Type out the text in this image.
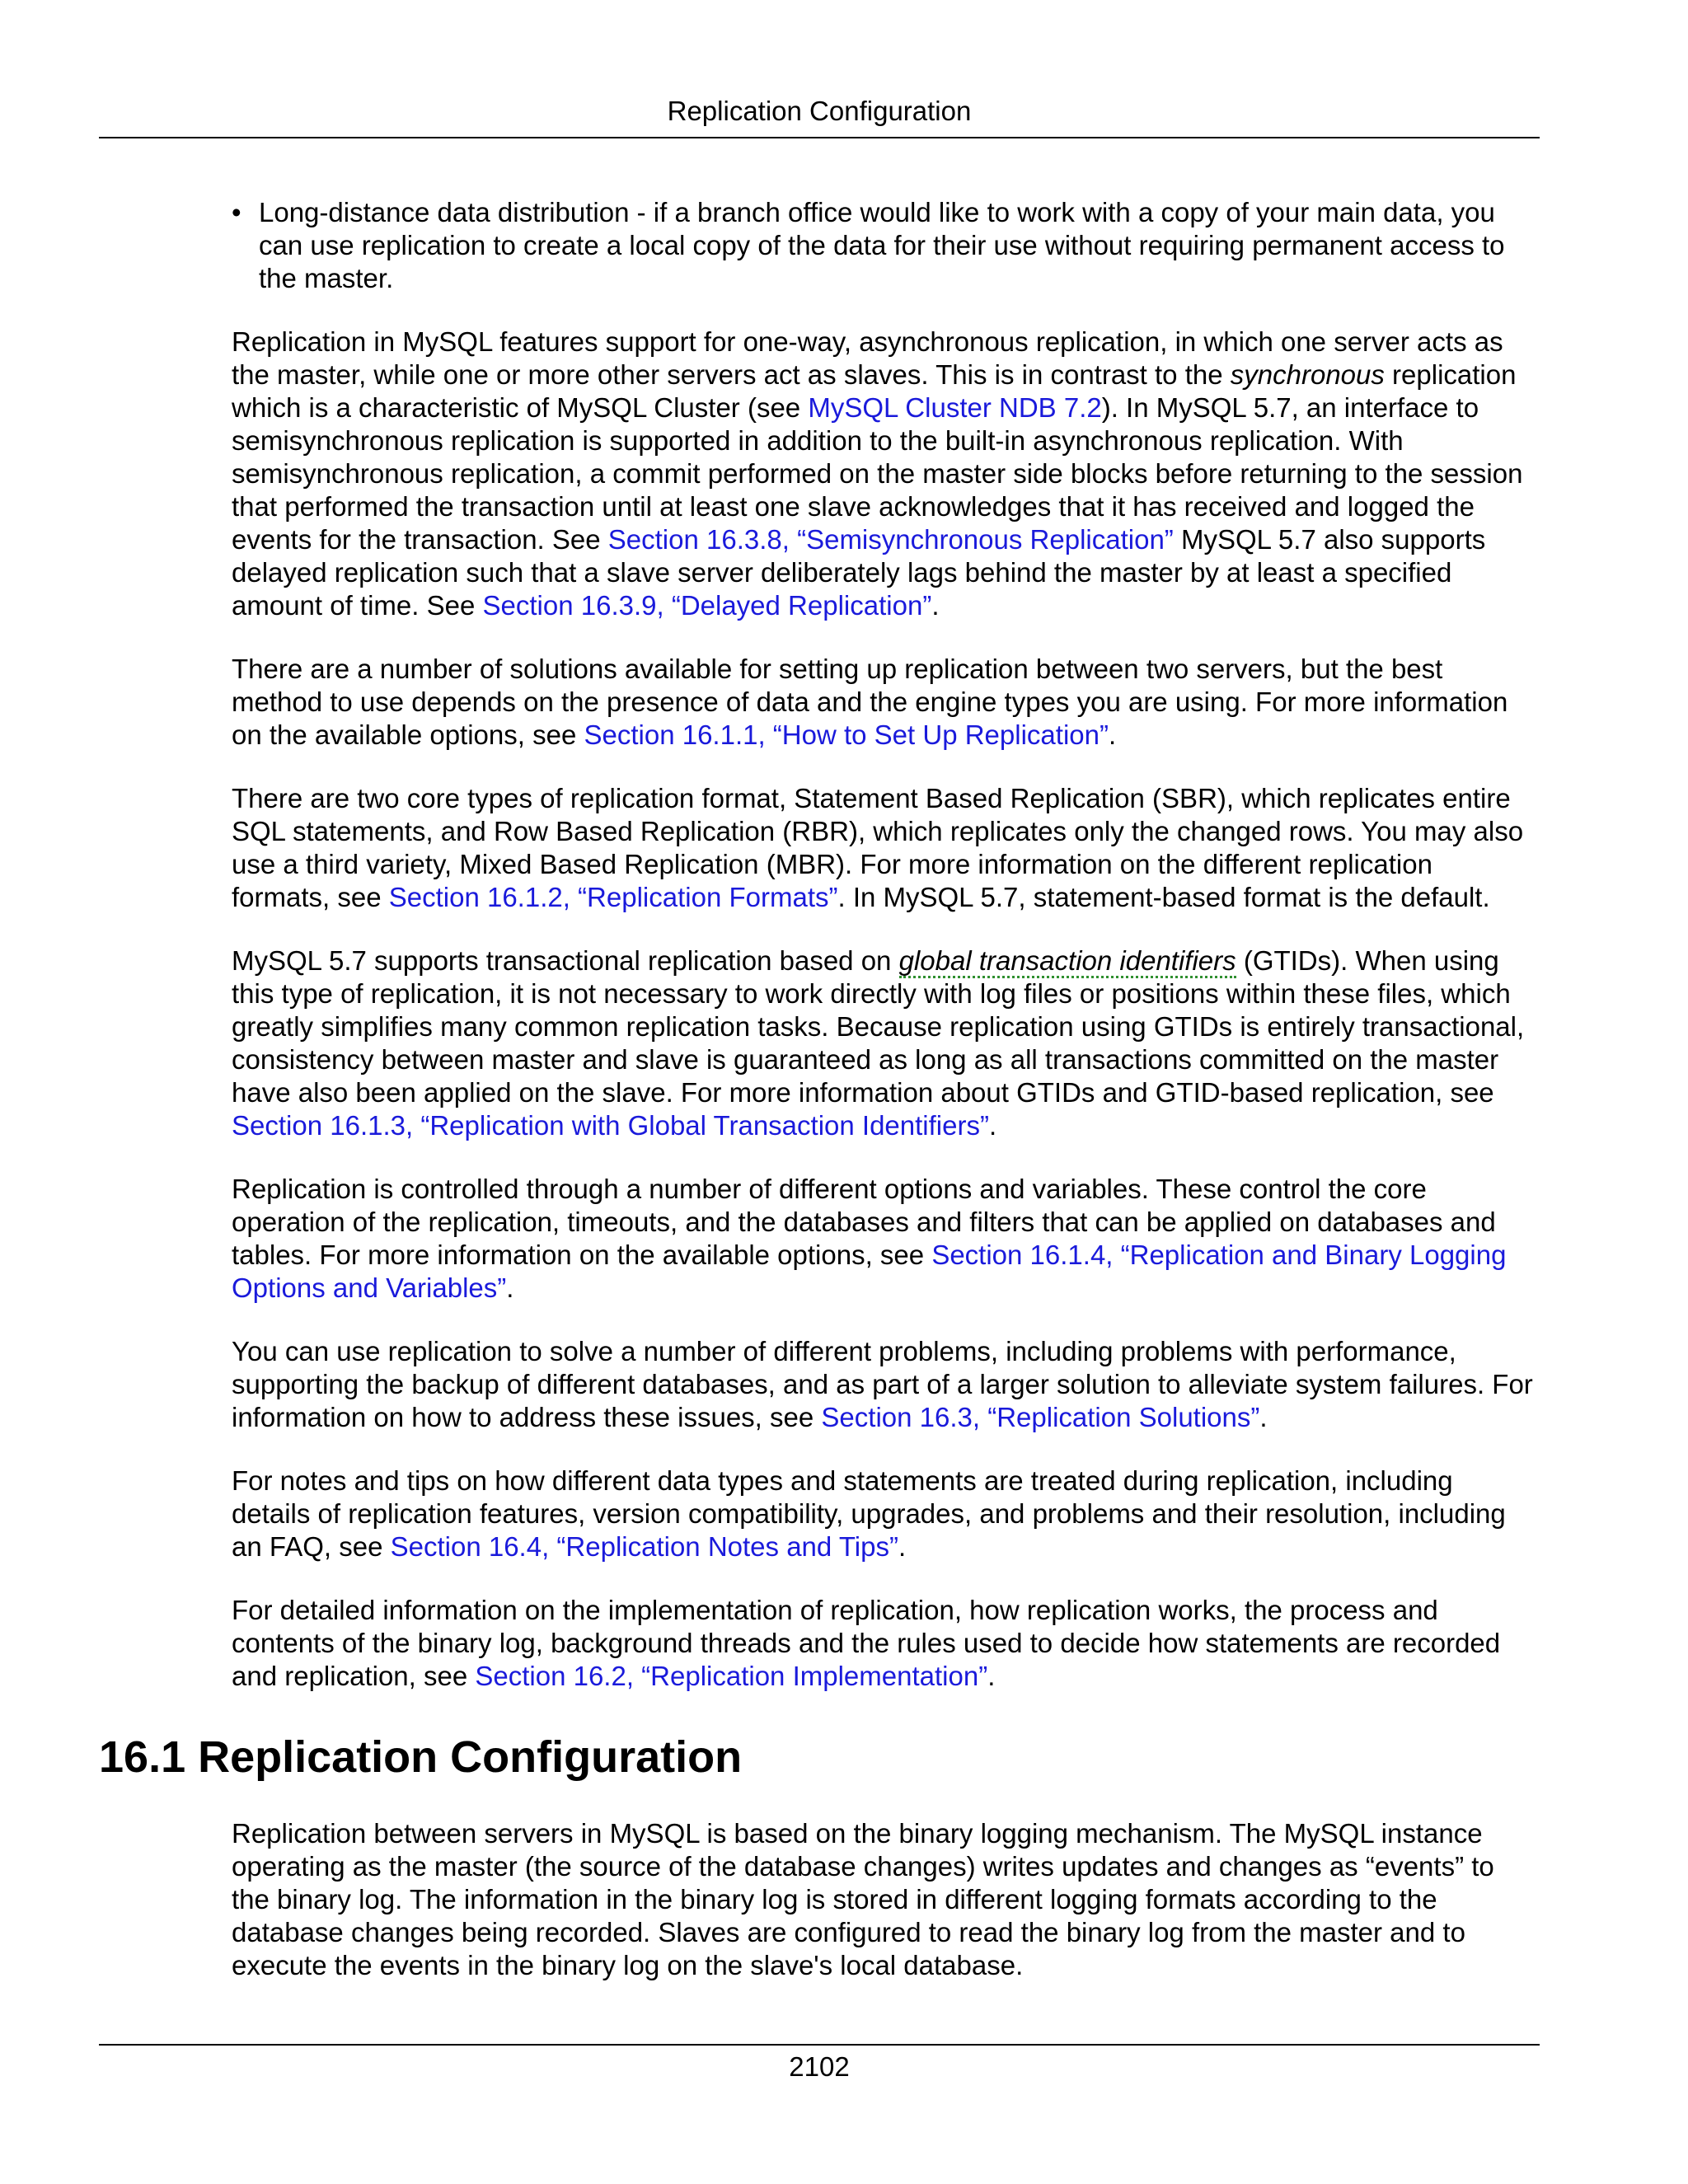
Replication Configuration
• Long-distance data distribution - if a branch office would like to work with a copy of your main data, you can use replication to create a local copy of the data for their use without requiring permanent access to the master.

Replication in MySQL features support for one-way, asynchronous replication, in which one server acts as the master, while one or more other servers act as slaves. This is in contrast to the synchronous replication which is a characteristic of MySQL Cluster (see MySQL Cluster NDB 7.2). In MySQL 5.7, an interface to semisynchronous replication is supported in addition to the built-in asynchronous replication. With semisynchronous replication, a commit performed on the master side blocks before returning to the session that performed the transaction until at least one slave acknowledges that it has received and logged the events for the transaction. See Section 16.3.8, “Semisynchronous Replication” MySQL 5.7 also supports delayed replication such that a slave server deliberately lags behind the master by at least a specified amount of time. See Section 16.3.9, “Delayed Replication”.

There are a number of solutions available for setting up replication between two servers, but the best method to use depends on the presence of data and the engine types you are using. For more information on the available options, see Section 16.1.1, “How to Set Up Replication”.

There are two core types of replication format, Statement Based Replication (SBR), which replicates entire SQL statements, and Row Based Replication (RBR), which replicates only the changed rows. You may also use a third variety, Mixed Based Replication (MBR). For more information on the different replication formats, see Section 16.1.2, “Replication Formats”. In MySQL 5.7, statement-based format is the default.

MySQL 5.7 supports transactional replication based on global transaction identifiers (GTIDs). When using this type of replication, it is not necessary to work directly with log files or positions within these files, which greatly simplifies many common replication tasks. Because replication using GTIDs is entirely transactional, consistency between master and slave is guaranteed as long as all transactions committed on the master have also been applied on the slave. For more information about GTIDs and GTID-based replication, see Section 16.1.3, “Replication with Global Transaction Identifiers”.

Replication is controlled through a number of different options and variables. These control the core operation of the replication, timeouts, and the databases and filters that can be applied on databases and tables. For more information on the available options, see Section 16.1.4, “Replication and Binary Logging Options and Variables”.

You can use replication to solve a number of different problems, including problems with performance, supporting the backup of different databases, and as part of a larger solution to alleviate system failures. For information on how to address these issues, see Section 16.3, “Replication Solutions”.

For notes and tips on how different data types and statements are treated during replication, including details of replication features, version compatibility, upgrades, and problems and their resolution, including an FAQ, see Section 16.4, “Replication Notes and Tips”.

For detailed information on the implementation of replication, how replication works, the process and contents of the binary log, background threads and the rules used to decide how statements are recorded and replication, see Section 16.2, “Replication Implementation”.

16.1 Replication Configuration

Replication between servers in MySQL is based on the binary logging mechanism. The MySQL instance operating as the master (the source of the database changes) writes updates and changes as “events” to the binary log. The information in the binary log is stored in different logging formats according to the database changes being recorded. Slaves are configured to read the binary log from the master and to execute the events in the binary log on the slave's local database.

2102
